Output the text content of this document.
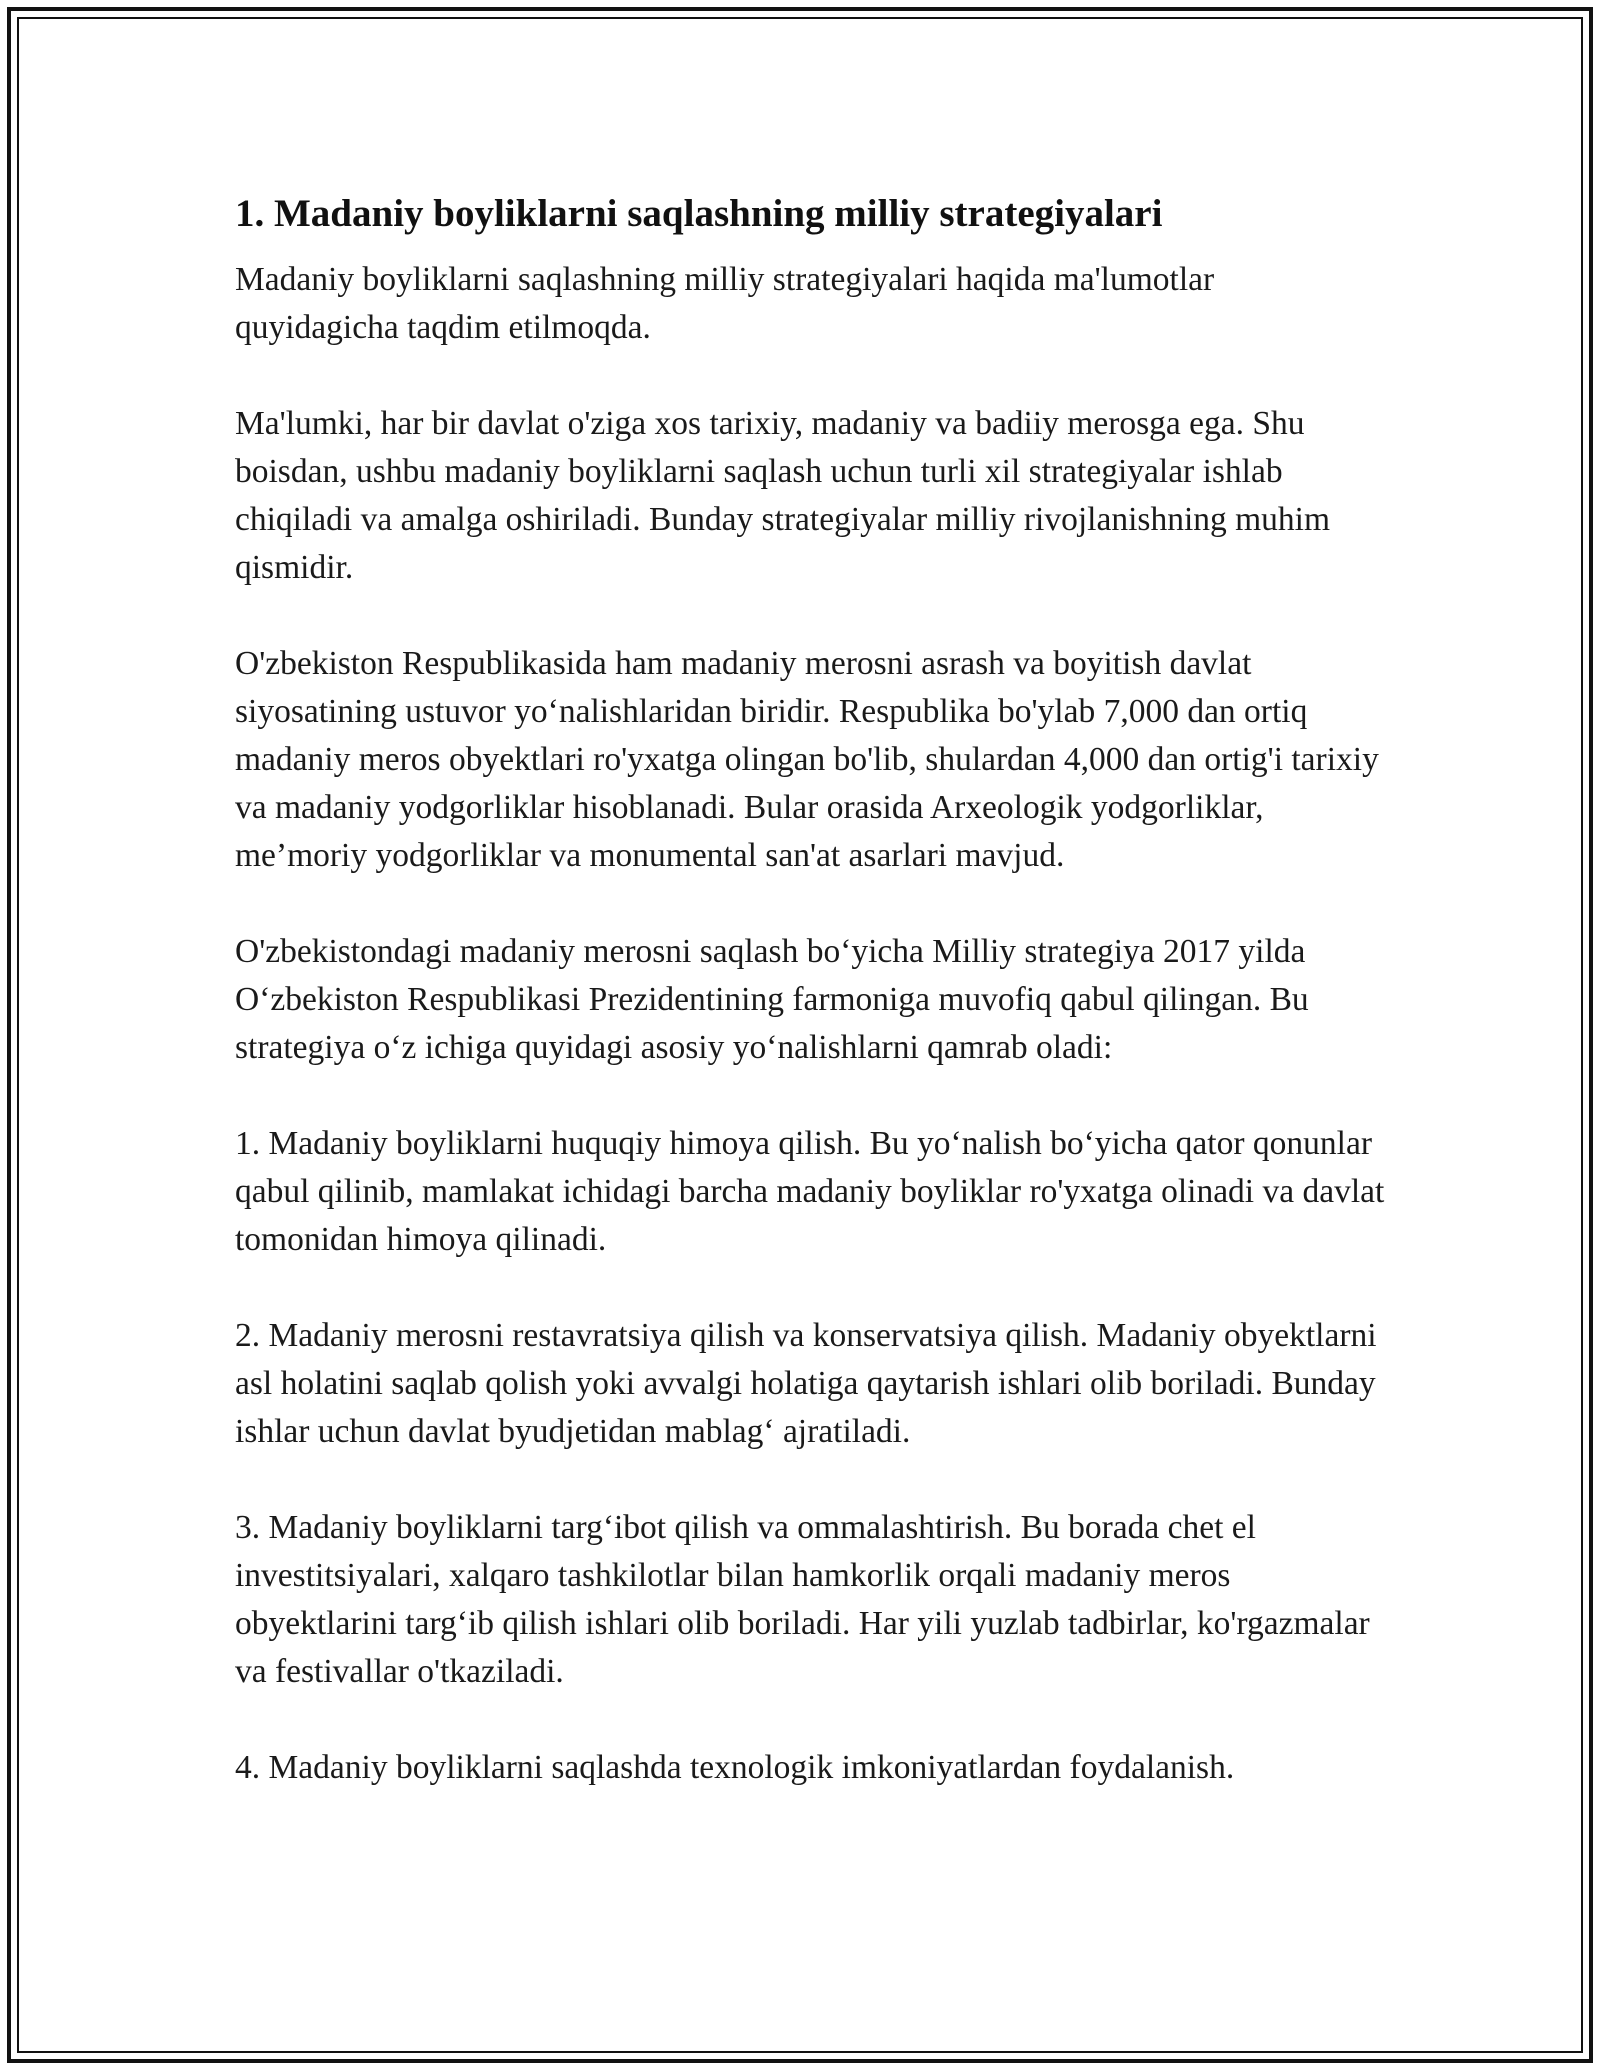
1. Madaniy boyliklarni saqlashning milliy strategiyalari

Madaniy boyliklarni saqlashning milliy strategiyalari haqida ma'lumotlar quyidagicha taqdim etilmoqda.

Ma'lumki, har bir davlat o'ziga xos tarixiy, madaniy va badiiy merosga ega. Shu boisdan, ushbu madaniy boyliklarni saqlash uchun turli xil strategiyalar ishlab chiqiladi va amalga oshiriladi. Bunday strategiyalar milliy rivojlanishning muhim qismidir.

O'zbekiston Respublikasida ham madaniy merosni asrash va boyitish davlat siyosatining ustuvor yo‘nalishlaridan biridir. Respublika bo'ylab 7,000 dan ortiq madaniy meros obyektlari ro'yxatga olingan bo'lib, shulardan 4,000 dan ortig'i tarixiy va madaniy yodgorliklar hisoblanadi. Bular orasida Arxeologik yodgorliklar, me’moriy yodgorliklar va monumental san'at asarlari mavjud.

O'zbekistondagi madaniy merosni saqlash bo‘yicha Milliy strategiya 2017 yilda O‘zbekiston Respublikasi Prezidentining farmoniga muvofiq qabul qilingan. Bu strategiya o‘z ichiga quyidagi asosiy yo‘nalishlarni qamrab oladi:

1. Madaniy boyliklarni huquqiy himoya qilish. Bu yo‘nalish bo‘yicha qator qonunlar qabul qilinib, mamlakat ichidagi barcha madaniy boyliklar ro'yxatga olinadi va davlat tomonidan himoya qilinadi.

2. Madaniy merosni restavratsiya qilish va konservatsiya qilish. Madaniy obyektlarni asl holatini saqlab qolish yoki avvalgi holatiga qaytarish ishlari olib boriladi. Bunday ishlar uchun davlat byudjetidan mablag‘ ajratiladi.

3. Madaniy boyliklarni targ‘ibot qilish va ommalashtirish. Bu borada chet el investitsiyalari, xalqaro tashkilotlar bilan hamkorlik orqali madaniy meros obyektlarini targ‘ib qilish ishlari olib boriladi. Har yili yuzlab tadbirlar, ko'rgazmalar va festivallar o'tkaziladi.

4. Madaniy boyliklarni saqlashda texnologik imkoniyatlardan foydalanish.
